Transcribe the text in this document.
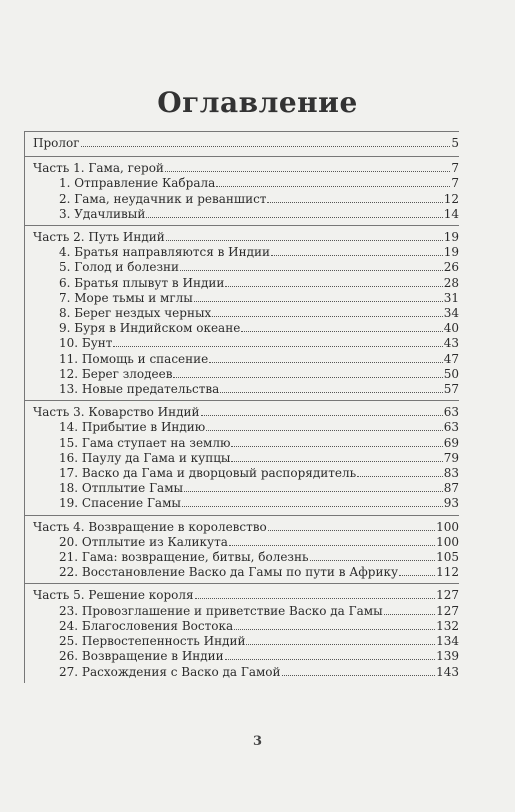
Оглавление
Пролог	5
Часть 1. Гама, герой	7
1. Отправление Кабрала	7
2. Гама, неудачник и реваншист	12
3. Удачливый	14
Часть 2. Путь Индий	19
4. Братья направляются в Индии	19
5. Голод и болезни	26
6. Братья плывут в Индии	28
7. Море тьмы и мглы	31
8. Берег нездых черных	34
9. Буря в Индийском океане	40
10. Бунт	43
11. Помощь и спасение	47
12. Берег злодеев	50
13. Новые предательства	57
Часть 3. Коварство Индий	63
14. Прибытие в Индию	63
15. Гама ступает на землю	69
16. Паулу да Гама и купцы	79
17. Васко да Гама и дворцовый распорядитель	83
18. Отплытие Гамы	87
19. Спасение Гамы	93
Часть 4. Возвращение в королевство	100
20. Отплытие из Каликута	100
21. Гама: возвращение, битвы, болезнь	105
22. Восстановление Васко да Гамы по пути в Африку	112
Часть 5. Решение короля	127
23. Провозглашение и приветствие Васко да Гамы	127
24. Благословения Востока	132
25. Первостепенность Индий	134
26. Возвращение в Индии	139
27. Расхождения с Васко да Гамой	143
3
